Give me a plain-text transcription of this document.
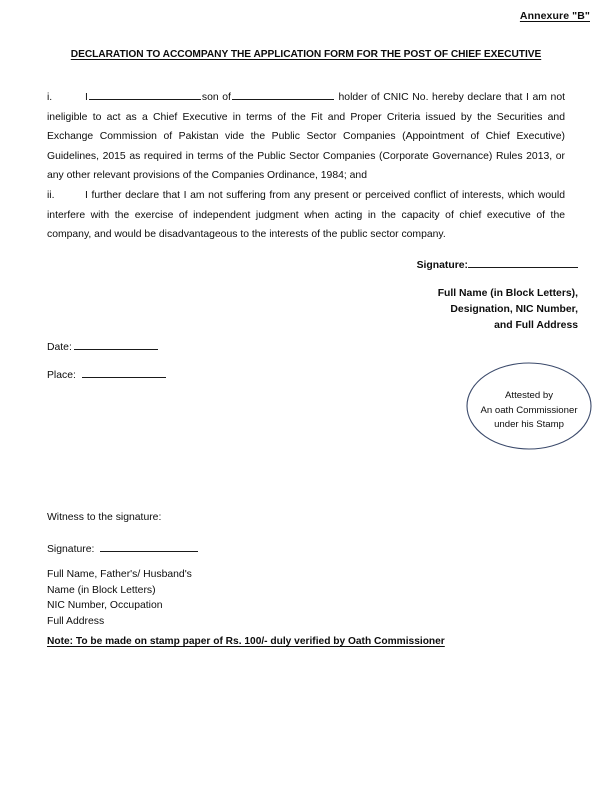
Annexure "B"
DECLARATION TO ACCOMPANY THE APPLICATION FORM FOR THE POST OF CHIEF EXECUTIVE
i.	I	son of	holder of CNIC No. hereby declare that I am not ineligible to act as a Chief Executive in terms of the Fit and Proper Criteria issued by the Securities and Exchange Commission of Pakistan vide the Public Sector Companies (Appointment of Chief Executive) Guidelines, 2015 as required in terms of the Public Sector Companies (Corporate Governance) Rules 2013, or any other relevant provisions of the Companies Ordinance, 1984; and
ii.	I further declare that I am not suffering from any present or perceived conflict of interests, which would interfere with the exercise of independent judgment when acting in the capacity of chief executive of the company, and would be disadvantageous to the interests of the public sector company.
Signature:
Full Name (in Block Letters),
Designation, NIC Number,
and Full Address
Date:
Place:
Attested by
An oath Commissioner
under his Stamp
Witness to the signature:
Signature:
Full Name, Father's/ Husband's
Name (in Block Letters)
NIC Number, Occupation
Full Address
Note: To be made on stamp paper of Rs. 100/- duly verified by Oath Commissioner
